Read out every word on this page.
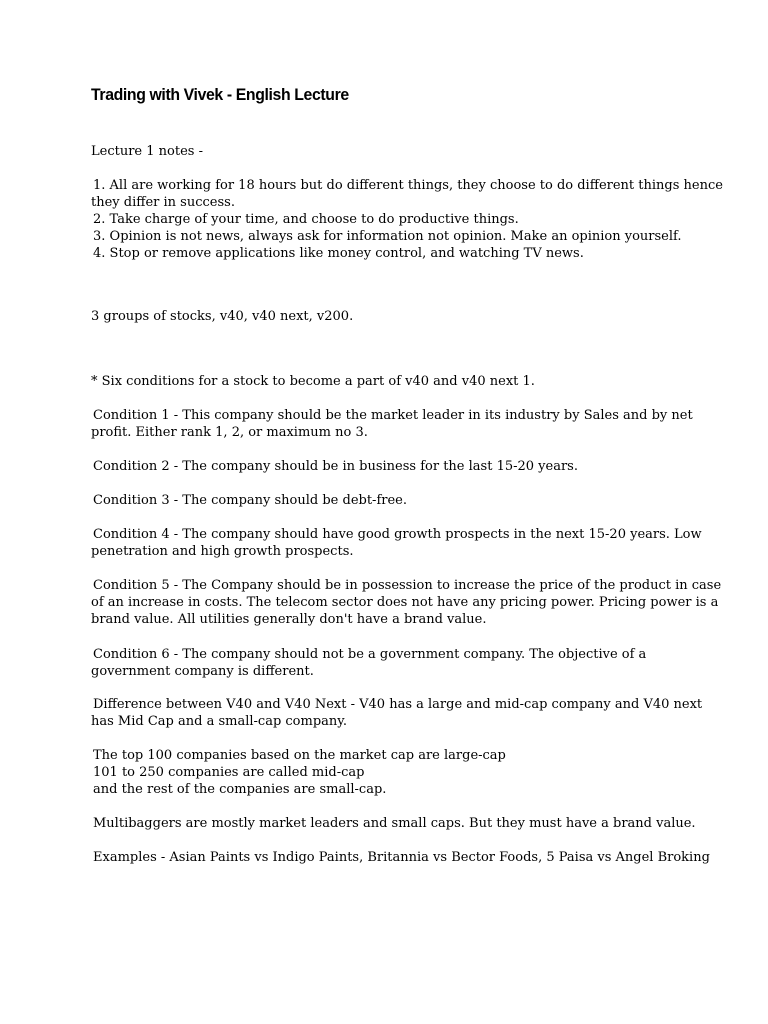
Trading with Vivek - English Lecture
Lecture 1 notes -
1. All are working for 18 hours but do different things, they choose to do different things hence
they differ in success.
2. Take charge of your time, and choose to do productive things.
3. Opinion is not news, always ask for information not opinion. Make an opinion yourself.
4. Stop or remove applications like money control, and watching TV news.
3 groups of stocks, v40, v40 next, v200.
* Six conditions for a stock to become a part of v40 and v40 next 1.
Condition 1 - This company should be the market leader in its industry by Sales and by net
profit. Either rank 1, 2, or maximum no 3.
Condition 2 - The company should be in business for the last 15-20 years.
Condition 3 - The company should be debt-free.
Condition 4 - The company should have good growth prospects in the next 15-20 years. Low
penetration and high growth prospects.
Condition 5 - The Company should be in possession to increase the price of the product in case
of an increase in costs. The telecom sector does not have any pricing power. Pricing power is a
brand value. All utilities generally don't have a brand value.
Condition 6 - The company should not be a government company. The objective of a
government company is different.
Difference between V40 and V40 Next - V40 has a large and mid-cap company and V40 next
has Mid Cap and a small-cap company.
The top 100 companies based on the market cap are large-cap
101 to 250 companies are called mid-cap
and the rest of the companies are small-cap.
Multibaggers are mostly market leaders and small caps. But they must have a brand value.
Examples - Asian Paints vs Indigo Paints, Britannia vs Bector Foods, 5 Paisa vs Angel Broking
